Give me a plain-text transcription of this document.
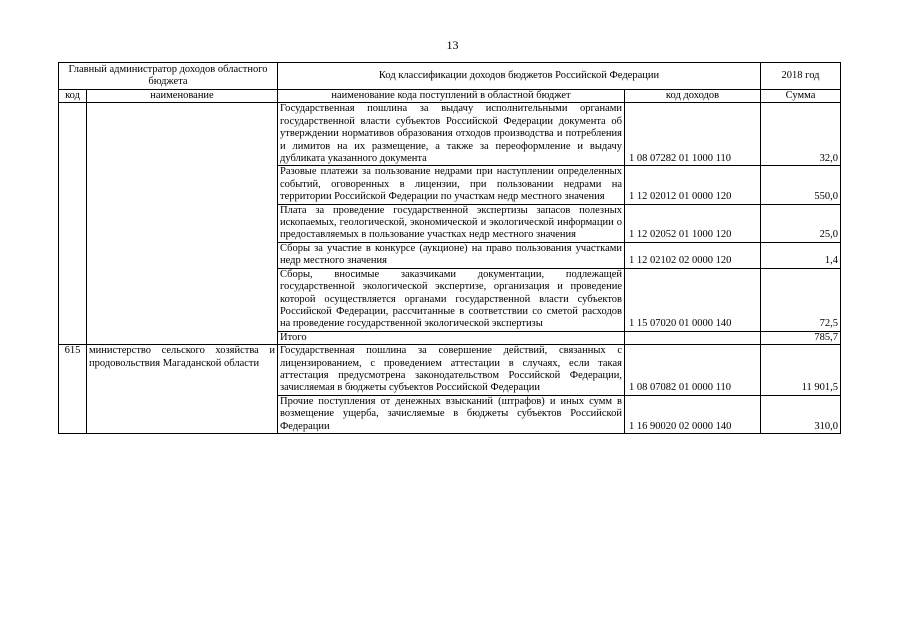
13
Главный администратор доходов областного бюджета		Код классификации доходов бюджетов Российской Федерации		2018 год
код	наименование	наименование кода поступлений в областной бюджет	код доходов	Сумма
		Государственная пошлина за выдачу исполнительными органами государственной власти субъектов Российской Федерации документа об утверждении нормативов образования отходов производства и потребления и лимитов на их размещение, а также за переоформление и выдачу дубликата указанного документа	1 08 07282 01 1000 110	32,0
		Разовые платежи за пользование недрами при наступлении определенных событий, оговоренных в лицензии, при пользовании недрами на территории Российской Федерации по участкам недр местного значения	1 12 02012 01 0000 120	550,0
		Плата за проведение государственной экспертизы запасов полезных ископаемых, геологической, экономической и экологической информации о предоставляемых в пользование участках недр местного значения	1 12 02052 01 1000 120	25,0
		Сборы за участие в конкурсе (аукционе) на право пользования участками недр местного значения	1 12 02102 02 0000 120	1,4
		Сборы, вносимые заказчиками документации, подлежащей государственной экологической экспертизе, организация и проведение которой осуществляется органами государственной власти субъектов Российской Федерации, рассчитанные в соответствии со сметой расходов на проведение государственной экологической экспертизы	1 15 07020 01 0000 140	72,5
		Итого		785,7
615	министерство сельского хозяйства и продовольствия Магаданской области	Государственная пошлина за совершение действий, связанных с лицензированием, с проведением аттестации в случаях, если такая аттестация предусмотрена законодательством Российской Федерации, зачисляемая в бюджеты субъектов Российской Федерации	1 08 07082 01 0000 110	11 901,5
		Прочие поступления от денежных взысканий (штрафов) и иных сумм в возмещение ущерба, зачисляемые в бюджеты субъектов Российской Федерации	1 16 90020 02 0000 140	310,0
